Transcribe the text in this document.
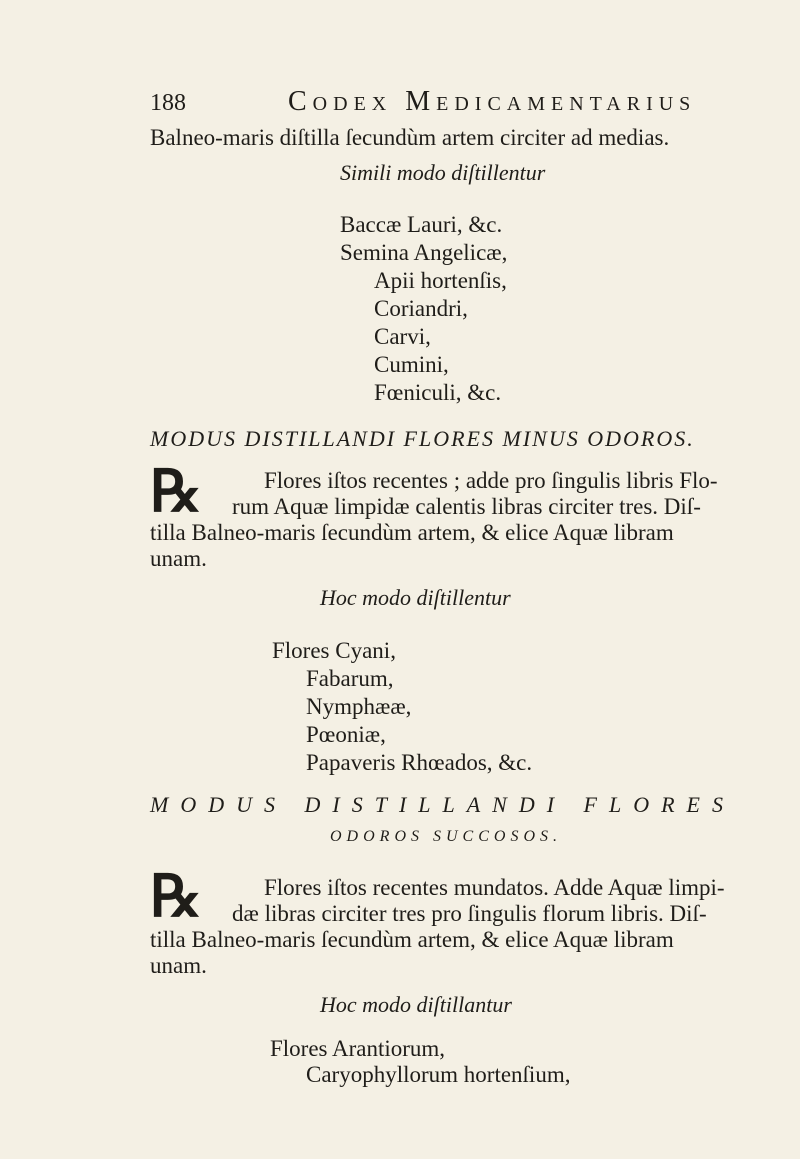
188	Codex Medicamentarius
Balneo-maris diſtilla ſecundùm artem circiter ad medias.
Simili modo diſtillentur
Baccæ Lauri, &c.
Semina Angelicæ,
Apii hortenſis,
Coriandri,
Carvi,
Cumini,
Fœniculi, &c.
MODUS DISTILLANDI FLORES MINUS ODOROS.
℞	Flores iſtos recentes ; adde pro ſingulis libris Flo-
rum Aquæ limpidæ calentis libras circiter tres. Diſ-
tilla Balneo-maris ſecundùm artem, & elice Aquæ libram
unam.
Hoc modo diſtillentur
Flores Cyani,
Fabarum,
Nymphææ,
Pœoniæ,
Papaveris Rhœados, &c.
MODUS DISTILLANDI FLORES
ODOROS SUCCOSOS.
℞	Flores iſtos recentes mundatos. Adde Aquæ limpi-
dæ libras circiter tres pro ſingulis florum libris. Diſ-
tilla Balneo-maris ſecundùm artem, & elice Aquæ libram
unam.
Hoc modo diſtillantur
Flores Arantiorum,
Caryophyllorum hortenſium,
